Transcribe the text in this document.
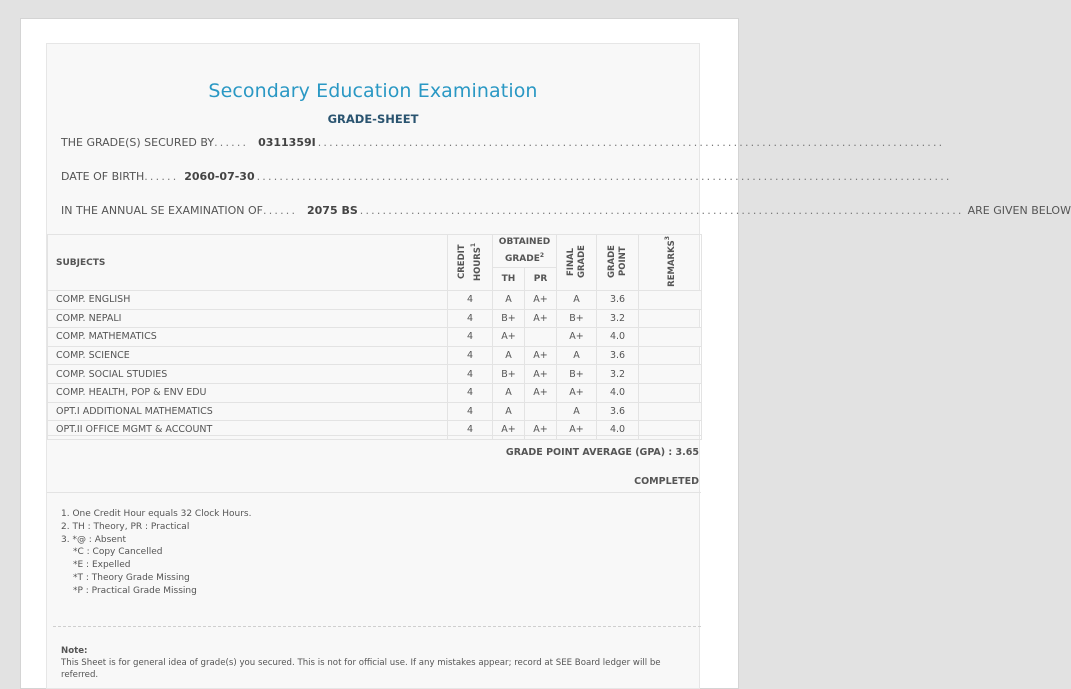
Secondary Education Examination
GRADE-SHEET
THE GRADE(S) SECURED BY ...... 0311359I ..............................................................................................................
DATE OF BIRTH ...... 2060-07-30 ..........................................................................................................................
IN THE ANNUAL SE EXAMINATION OF ...... 2075 BS .......................................................................................................... ARE GIVEN BELOW
SUBJECTS	CREDIT HOURS$^1$	OBTAINED GRADE$^2$		FINAL GRADE	GRADE POINT	REMARKS$^3$
		TH	PR			
COMP. ENGLISH	4	A	A+	A	3.6	
COMP. NEPALI	4	B+	A+	B+	3.2	
COMP. MATHEMATICS	4	A+		A+	4.0	
COMP. SCIENCE	4	A	A+	A	3.6	
COMP. SOCIAL STUDIES	4	B+	A+	B+	3.2	
COMP. HEALTH, POP & ENV EDU	4	A	A+	A+	4.0	
OPT.I ADDITIONAL MATHEMATICS	4	A		A	3.6	
OPT.II OFFICE MGMT & ACCOUNT	4	A+	A+	A+	4.0	
GRADE POINT AVERAGE (GPA) : 3.65
COMPLETED
1. One Credit Hour equals 32 Clock Hours.
2. TH : Theory, PR : Practical
3. *@ : Absent
*C : Copy Cancelled
*E : Expelled
*T : Theory Grade Missing
*P : Practical Grade Missing
Note:
This Sheet is for general idea of grade(s) you secured. This is not for official use. If any mistakes appear; record at SEE Board ledger will be referred.
